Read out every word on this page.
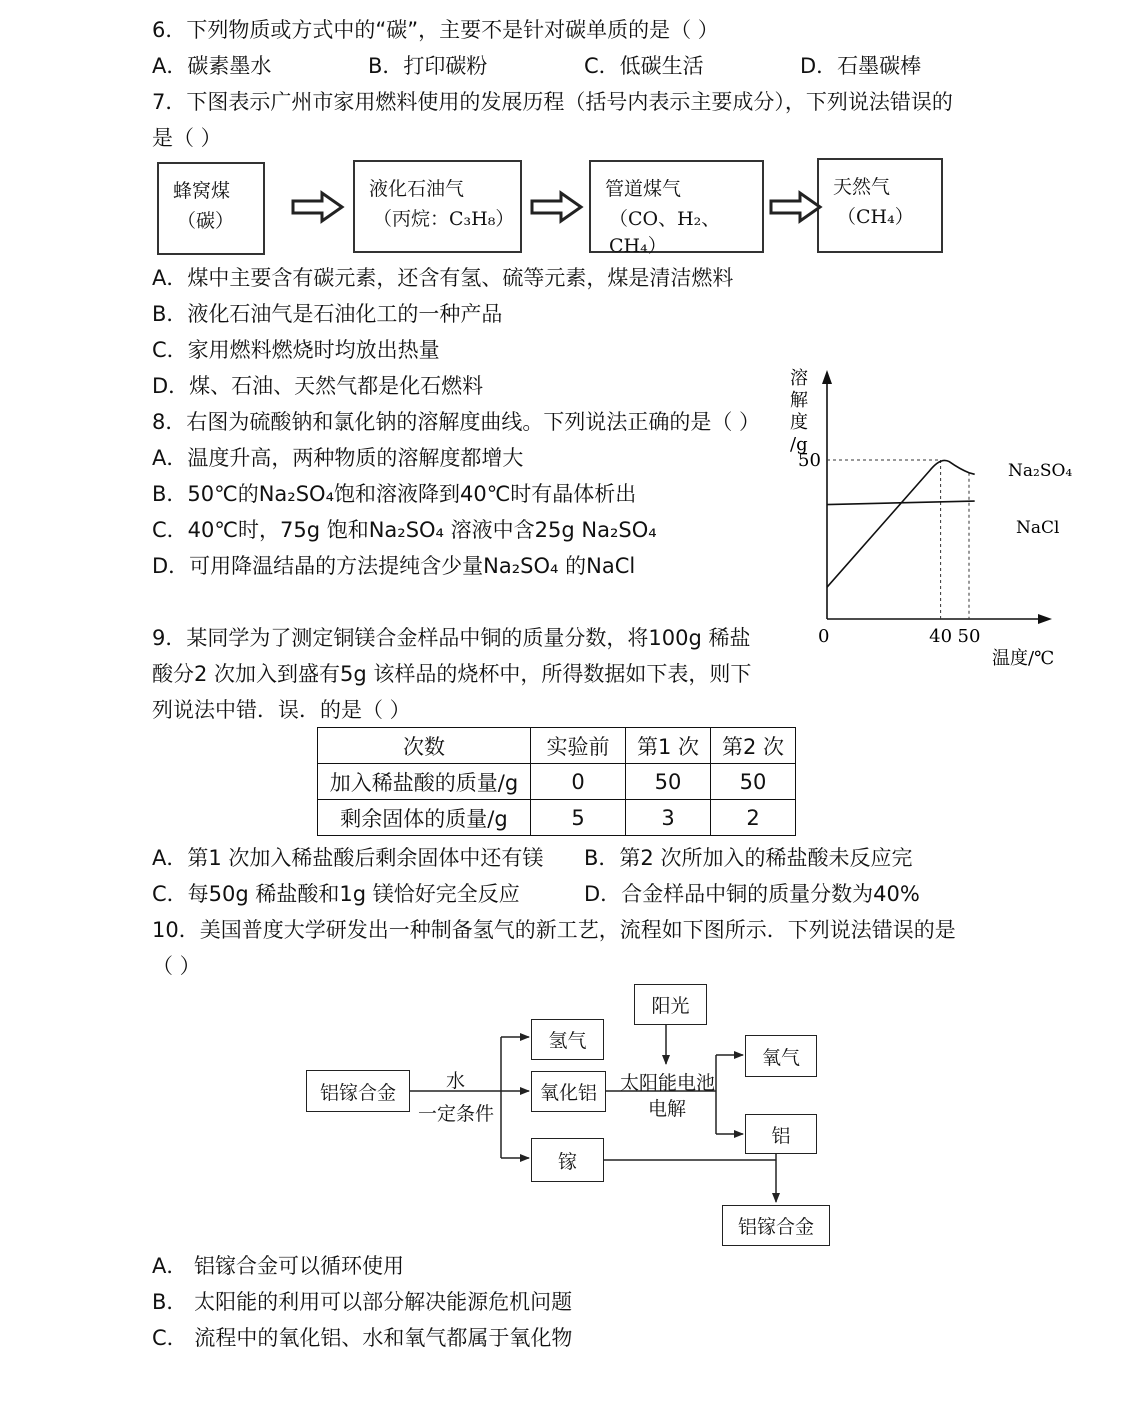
6．下列物质或方式中的“碳”，主要不是针对碳单质的是（ ）
A．碳素墨水	B．打印碳粉	C．低碳生活	D．石墨碳棒
7．下图表示广州市家用燃料使用的发展历程（括号内表示主要成分），下列说法错误的
是（ ）
蜂窝煤
（碳）
液化石油气
（丙烷：C₃H₈）
管道煤气
（CO、H₂、CH₄）
天然气
（CH₄）
A．煤中主要含有碳元素，还含有氢、硫等元素，煤是清洁燃料
B．液化石油气是石油化工的一种产品
C．家用燃料燃烧时均放出热量
D．煤、石油、天然气都是化石燃料
8．右图为硫酸钠和氯化钠的溶解度曲线。下列说法正确的是（ ）
A．温度升高，两种物质的溶解度都增大
B．50℃的Na₂SO₄饱和溶液降到40℃时有晶体析出
C．40℃时，75g 饱和Na₂SO₄ 溶液中含25g Na₂SO₄
D．可用降温结晶的方法提纯含少量Na₂SO₄ 的NaCl
溶
解
度
/g
0	40 50
50
温度/℃
Na₂SO₄
NaCl
9．某同学为了测定铜镁合金样品中铜的质量分数，将100g 稀盐
酸分2 次加入到盛有5g 该样品的烧杯中，所得数据如下表，则下
列说法中错．误．的是（ ）
次数	实验前	第1 次	第2 次
加入稀盐酸的质量/g	0	50	50
剩余固体的质量/g	5	3	2
A．第1 次加入稀盐酸后剩余固体中还有镁 B．第2 次所加入的稀盐酸未反应完
C．每50g 稀盐酸和1g 镁恰好完全反应	D．合金样品中铜的质量分数为40%
10．美国普度大学研发出一种制备氢气的新工艺，流程如下图所示．下列说法错误的是
（ ）
铝镓合金
水
一定条件
氢气
氧化铝
镓
阳光
太阳能电池
电解
氧气
铝
铝镓合金
A． 铝镓合金可以循环使用
B． 太阳能的利用可以部分解决能源危机问题
C． 流程中的氧化铝、水和氧气都属于氧化物
